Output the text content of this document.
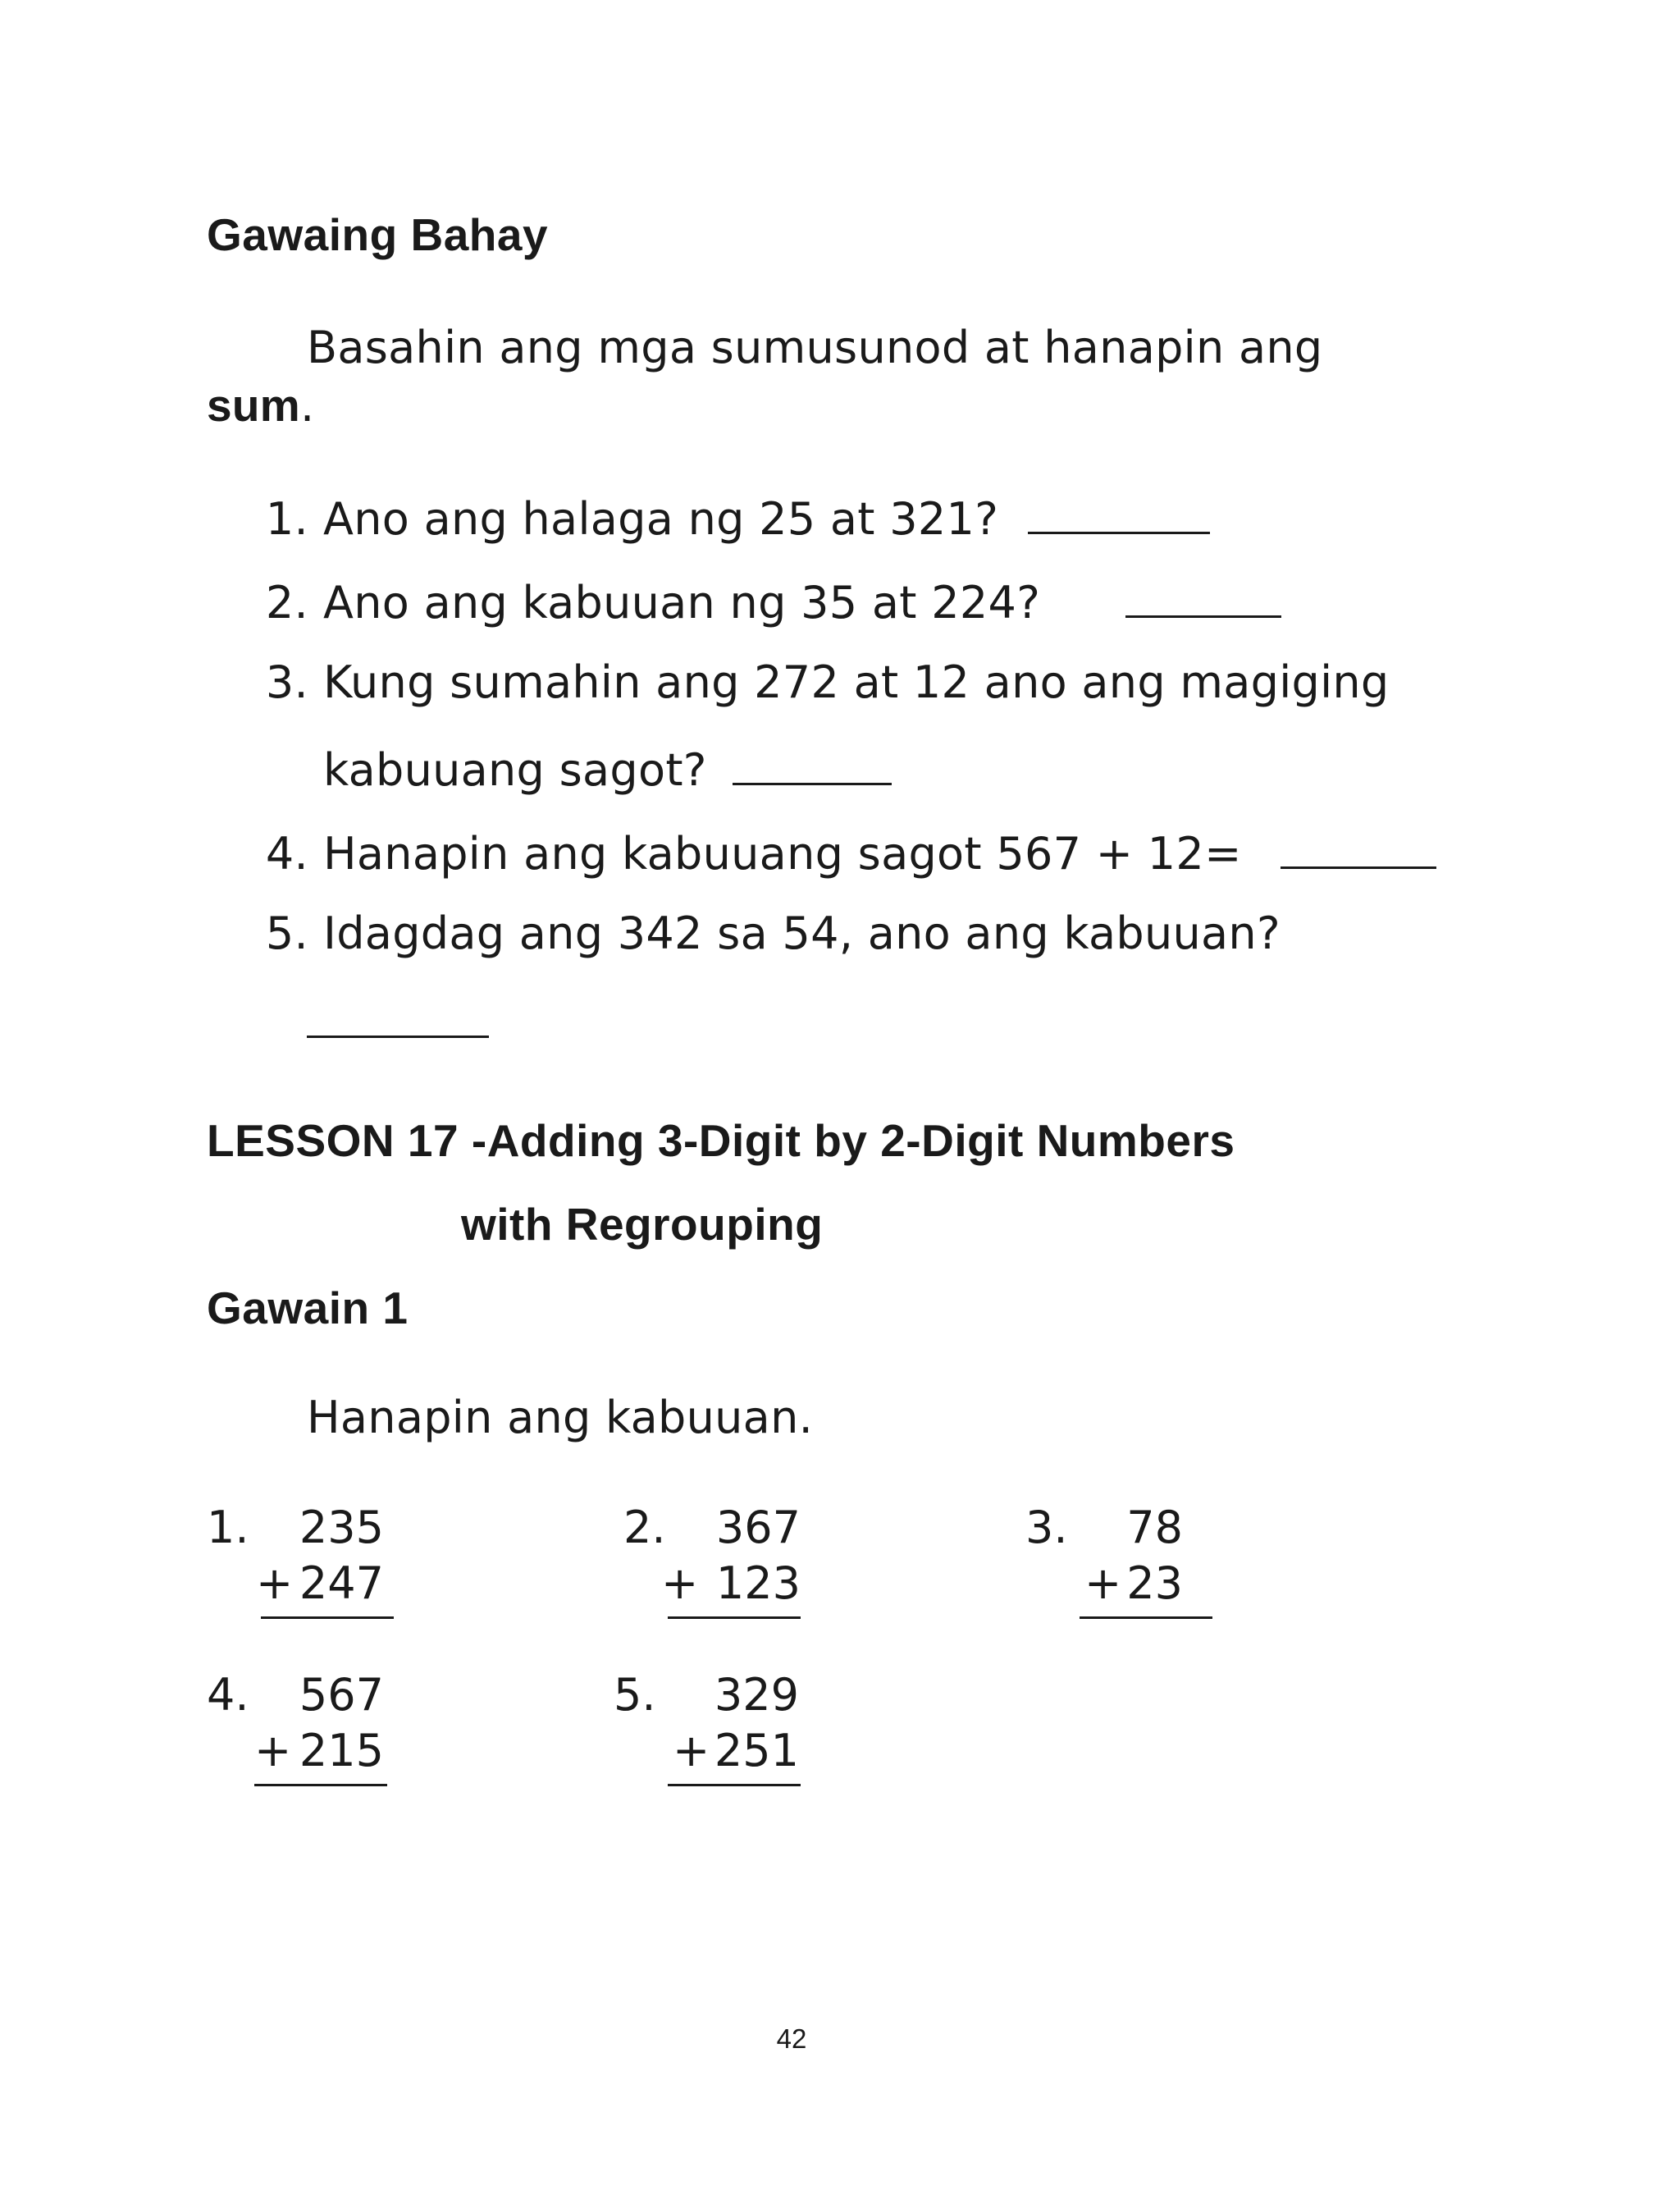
Gawaing Bahay
Basahin ang mga sumusunod at hanapin ang
sum.
1. Ano ang halaga ng 25 at 321?
2. Ano ang kabuuan ng 35 at 224?
3. Kung sumahin ang 272 at 12 ano ang magiging
kabuuang sagot?
4. Hanapin ang kabuuang sagot 567 + 12=
5. Idagdag ang 342 sa 54, ano ang kabuuan?
LESSON 17 -Adding 3-Digit by 2-Digit Numbers
with Regrouping
Gawain 1
Hanapin ang kabuuan.
1. 235
+ 247
2. 367
+ 123
3. 78
+ 23
4. 567
+ 215
5. 329
+ 251
42
